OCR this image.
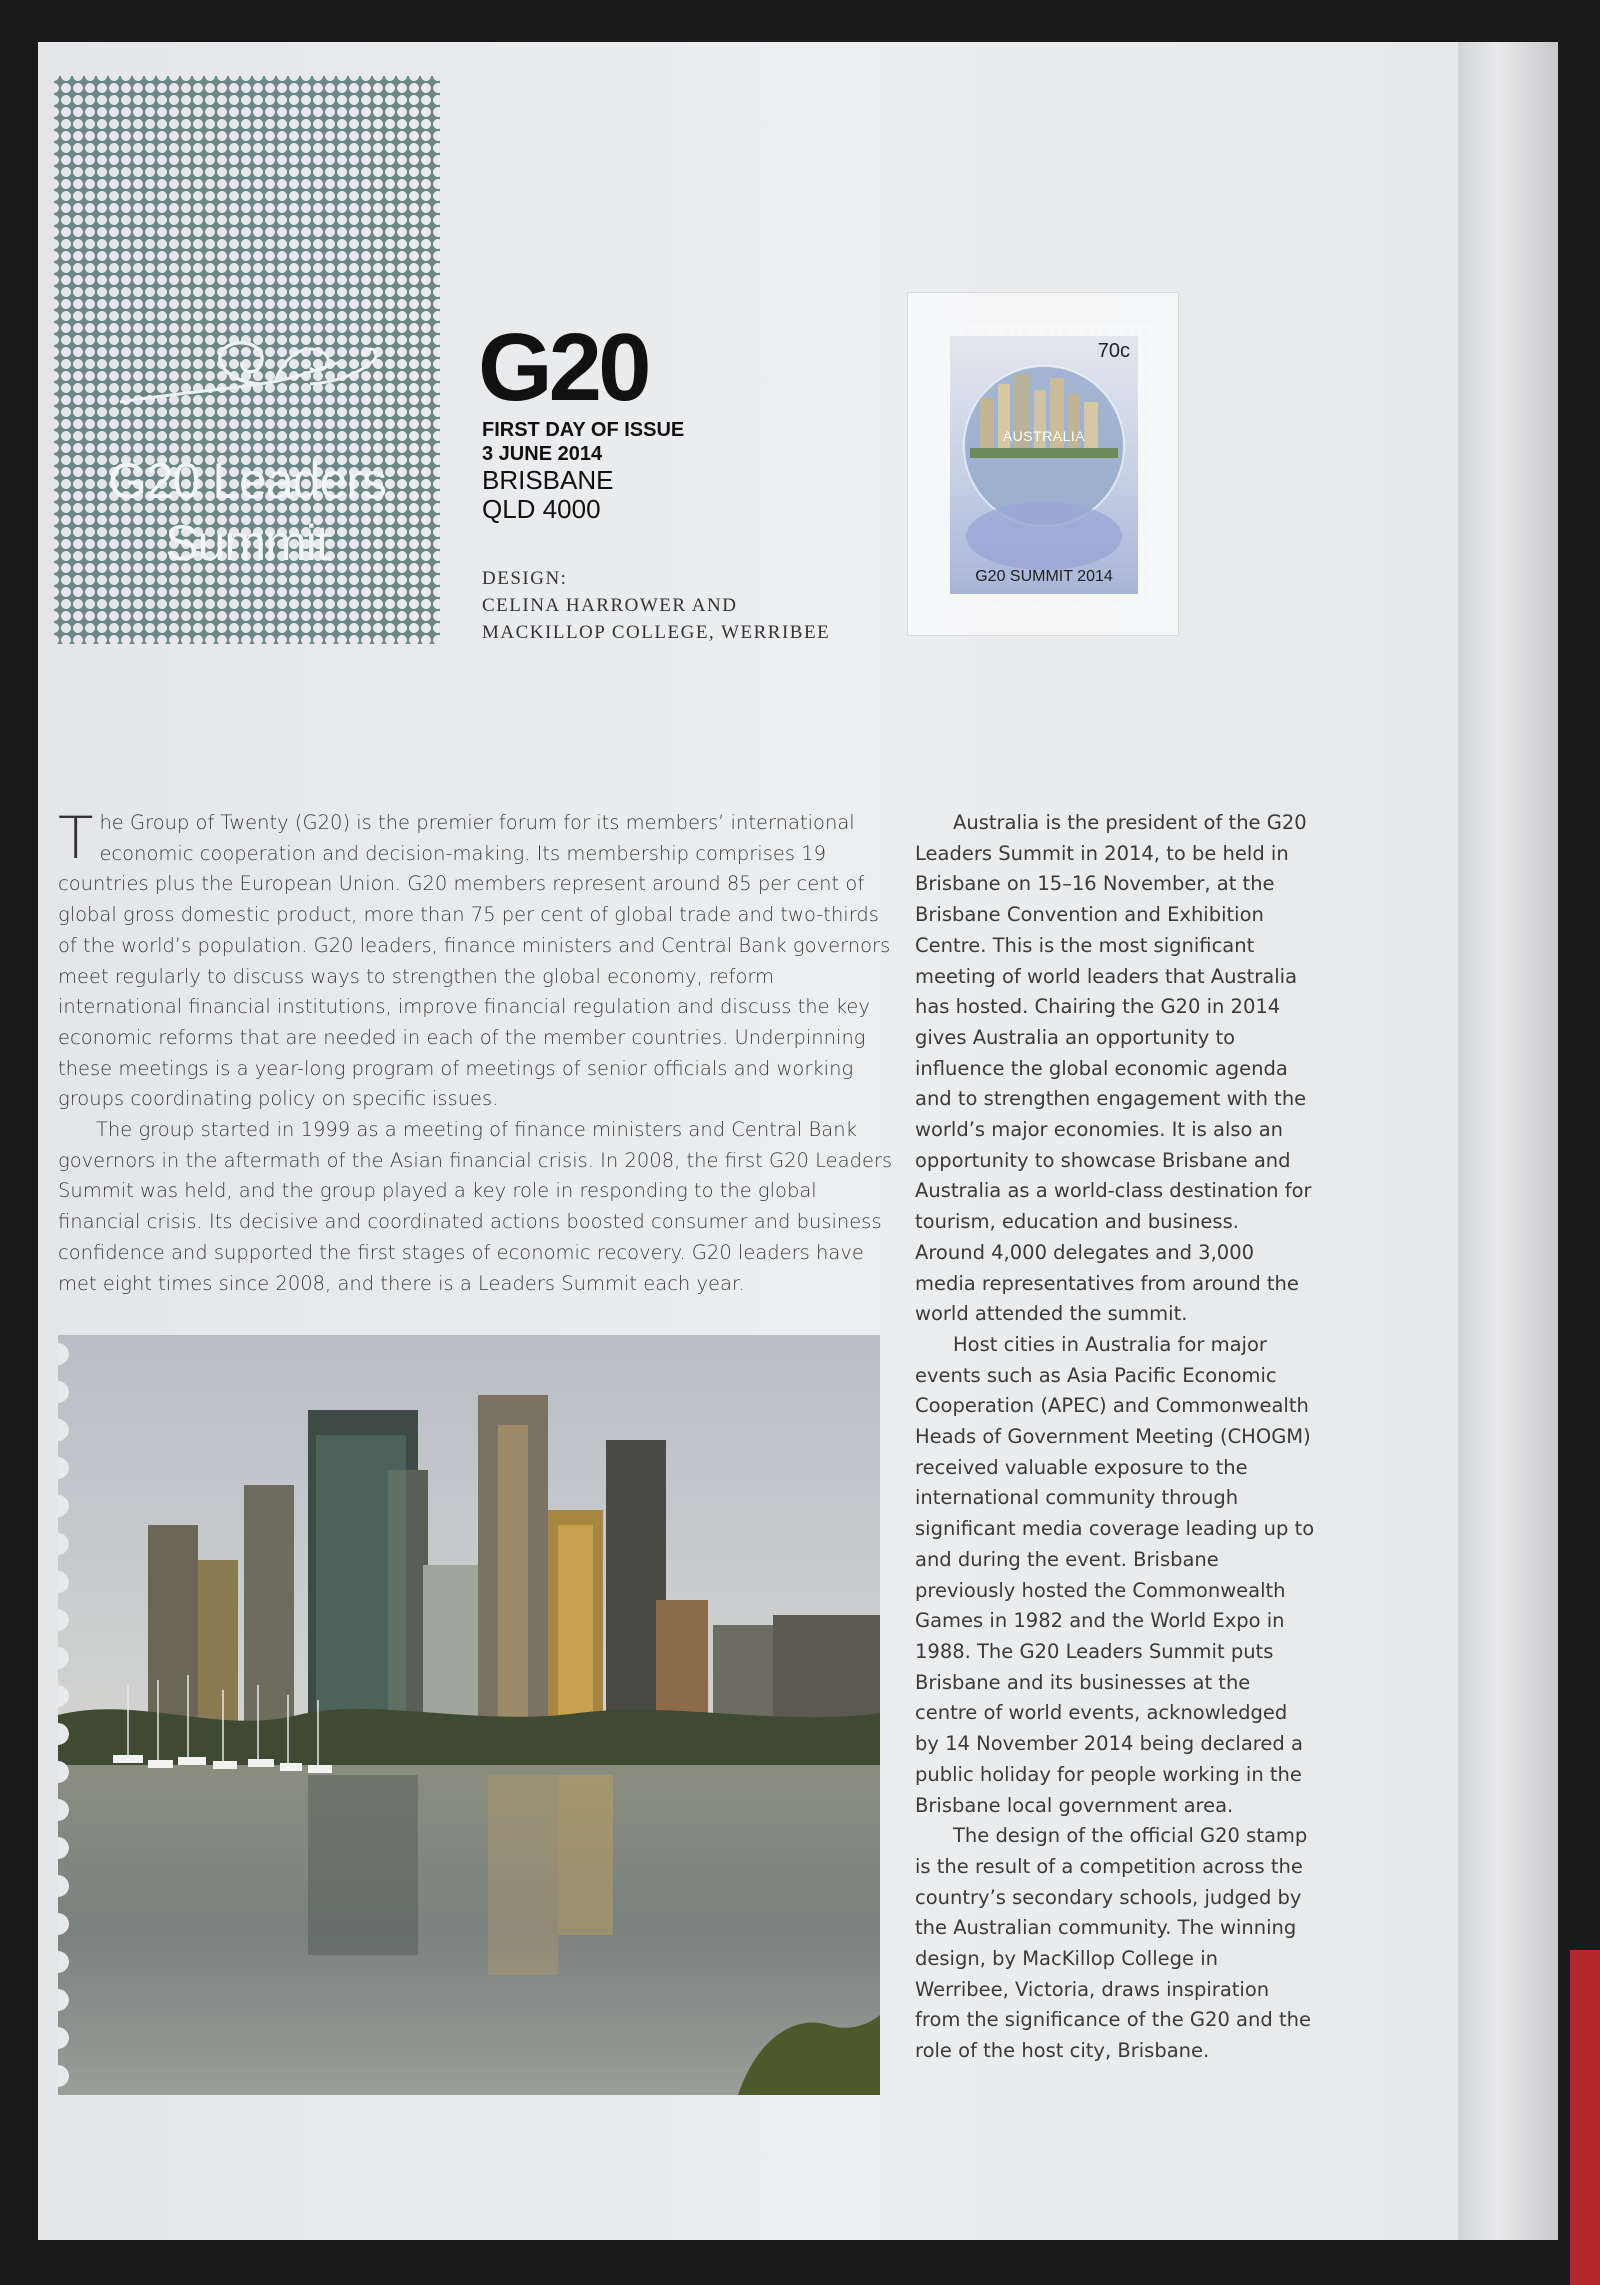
G20 Leaders
Summit
G20
FIRST DAY OF ISSUE
3 JUNE 2014
BRISBANE
QLD 4000
DESIGN:
CELINA HARROWER AND
MACKILLOP COLLEGE, WERRIBEE
70c
AUSTRALIA
G20 SUMMIT 2014

The Group of Twenty (G20) is the premier forum for its members’ international economic cooperation and decision-making. Its membership comprises 19 countries plus the European Union. G20 members represent around 85 per cent of global gross domestic product, more than 75 per cent of global trade and two-thirds of the world’s population. G20 leaders, finance ministers and Central Bank governors meet regularly to discuss ways to strengthen the global economy, reform international financial institutions, improve financial regulation and discuss the key economic reforms that are needed in each of the member countries. Underpinning these meetings is a year-long program of meetings of senior officials and working groups coordinating policy on specific issues.

The group started in 1999 as a meeting of finance ministers and Central Bank governors in the aftermath of the Asian financial crisis. In 2008, the first G20 Leaders Summit was held, and the group played a key role in responding to the global financial crisis. Its decisive and coordinated actions boosted consumer and business confidence and supported the first stages of economic recovery. G20 leaders have met eight times since 2008, and there is a Leaders Summit each year.

Australia is the president of the G20 Leaders Summit in 2014, to be held in Brisbane on 15–16 November, at the Brisbane Convention and Exhibition Centre. This is the most significant meeting of world leaders that Australia has hosted. Chairing the G20 in 2014 gives Australia an opportunity to influence the global economic agenda and to strengthen engagement with the world’s major economies. It is also an opportunity to showcase Brisbane and Australia as a world-class destination for tourism, education and business. Around 4,000 delegates and 3,000 media representatives from around the world attended the summit.

Host cities in Australia for major events such as Asia Pacific Economic Cooperation (APEC) and Commonwealth Heads of Government Meeting (CHOGM) received valuable exposure to the international community through significant media coverage leading up to and during the event. Brisbane previously hosted the Commonwealth Games in 1982 and the World Expo in 1988. The G20 Leaders Summit puts Brisbane and its businesses at the centre of world events, acknowledged by 14 November 2014 being declared a public holiday for people working in the Brisbane local government area.

The design of the official G20 stamp is the result of a competition across the country’s secondary schools, judged by the Australian community. The winning design, by MacKillop College in Werribee, Victoria, draws inspiration from the significance of the G20 and the role of the host city, Brisbane.
